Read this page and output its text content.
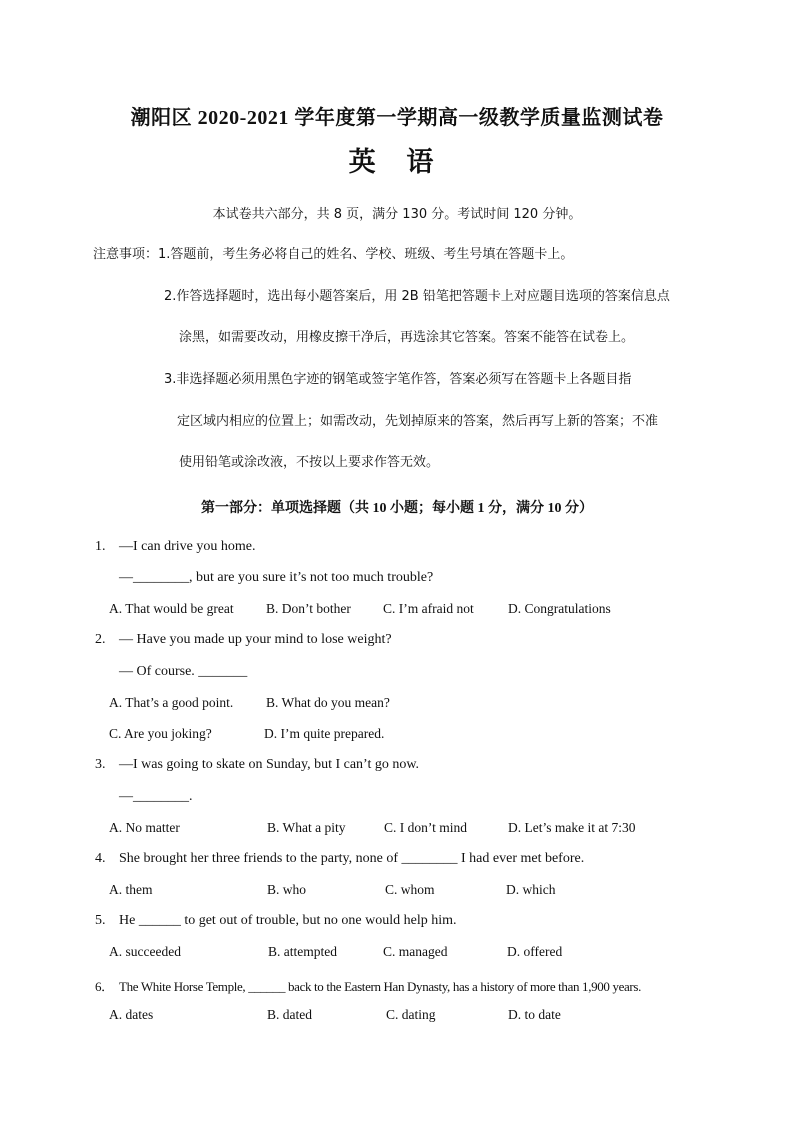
潮阳区 2020-2021 学年度第一学期高一级教学质量监测试卷
英 语
本试卷共六部分，共 8 页，满分 130 分。考试时间 120 分钟。
注意事项：1.答题前，考生务必将自己的姓名、学校、班级、考生号填在答题卡上。
2.作答选择题时，选出每小题答案后，用 2B 铅笔把答题卡上对应题目选项的答案信息点
涂黑，如需要改动，用橡皮擦干净后，再选涂其它答案。答案不能答在试卷上。
3.非选择题必须用黑色字迹的钢笔或签字笔作答，答案必须写在答题卡上各题目指
定区域内相应的位置上；如需改动，先划掉原来的答案，然后再写上新的答案；不准
使用铅笔或涂改液，不按以上要求作答无效。
第一部分：单项选择题（共 10 小题；每小题 1 分，满分 10 分）
1. —I can drive you home.
—________, but are you sure it’s not too much trouble?
A. That would be great B. Don’t bother C. I’m afraid not	D. Congratulations
2. — Have you made up your mind to lose weight?
— Of course. _______
A. That’s a good point. B. What do you mean?
C. Are you joking?	D. I’m quite prepared.
3. —I was going to skate on Sunday, but I can’t go now.
—________.
A. No matter	B. What a pity	C. I don’t mind	D. Let’s make it at 7:30
4. She brought her three friends to the party, none of ________ I had ever met before.
A. them	B. who	C. whom	D. which
5. He ______ to get out of trouble, but no one would help him.
A. succeeded	B. attempted	C. managed	D. offered
6． The White Horse Temple, ______ back to the Eastern Han Dynasty, has a history of more than 1,900 years.
A. dates	B. dated	C. dating	D. to date
